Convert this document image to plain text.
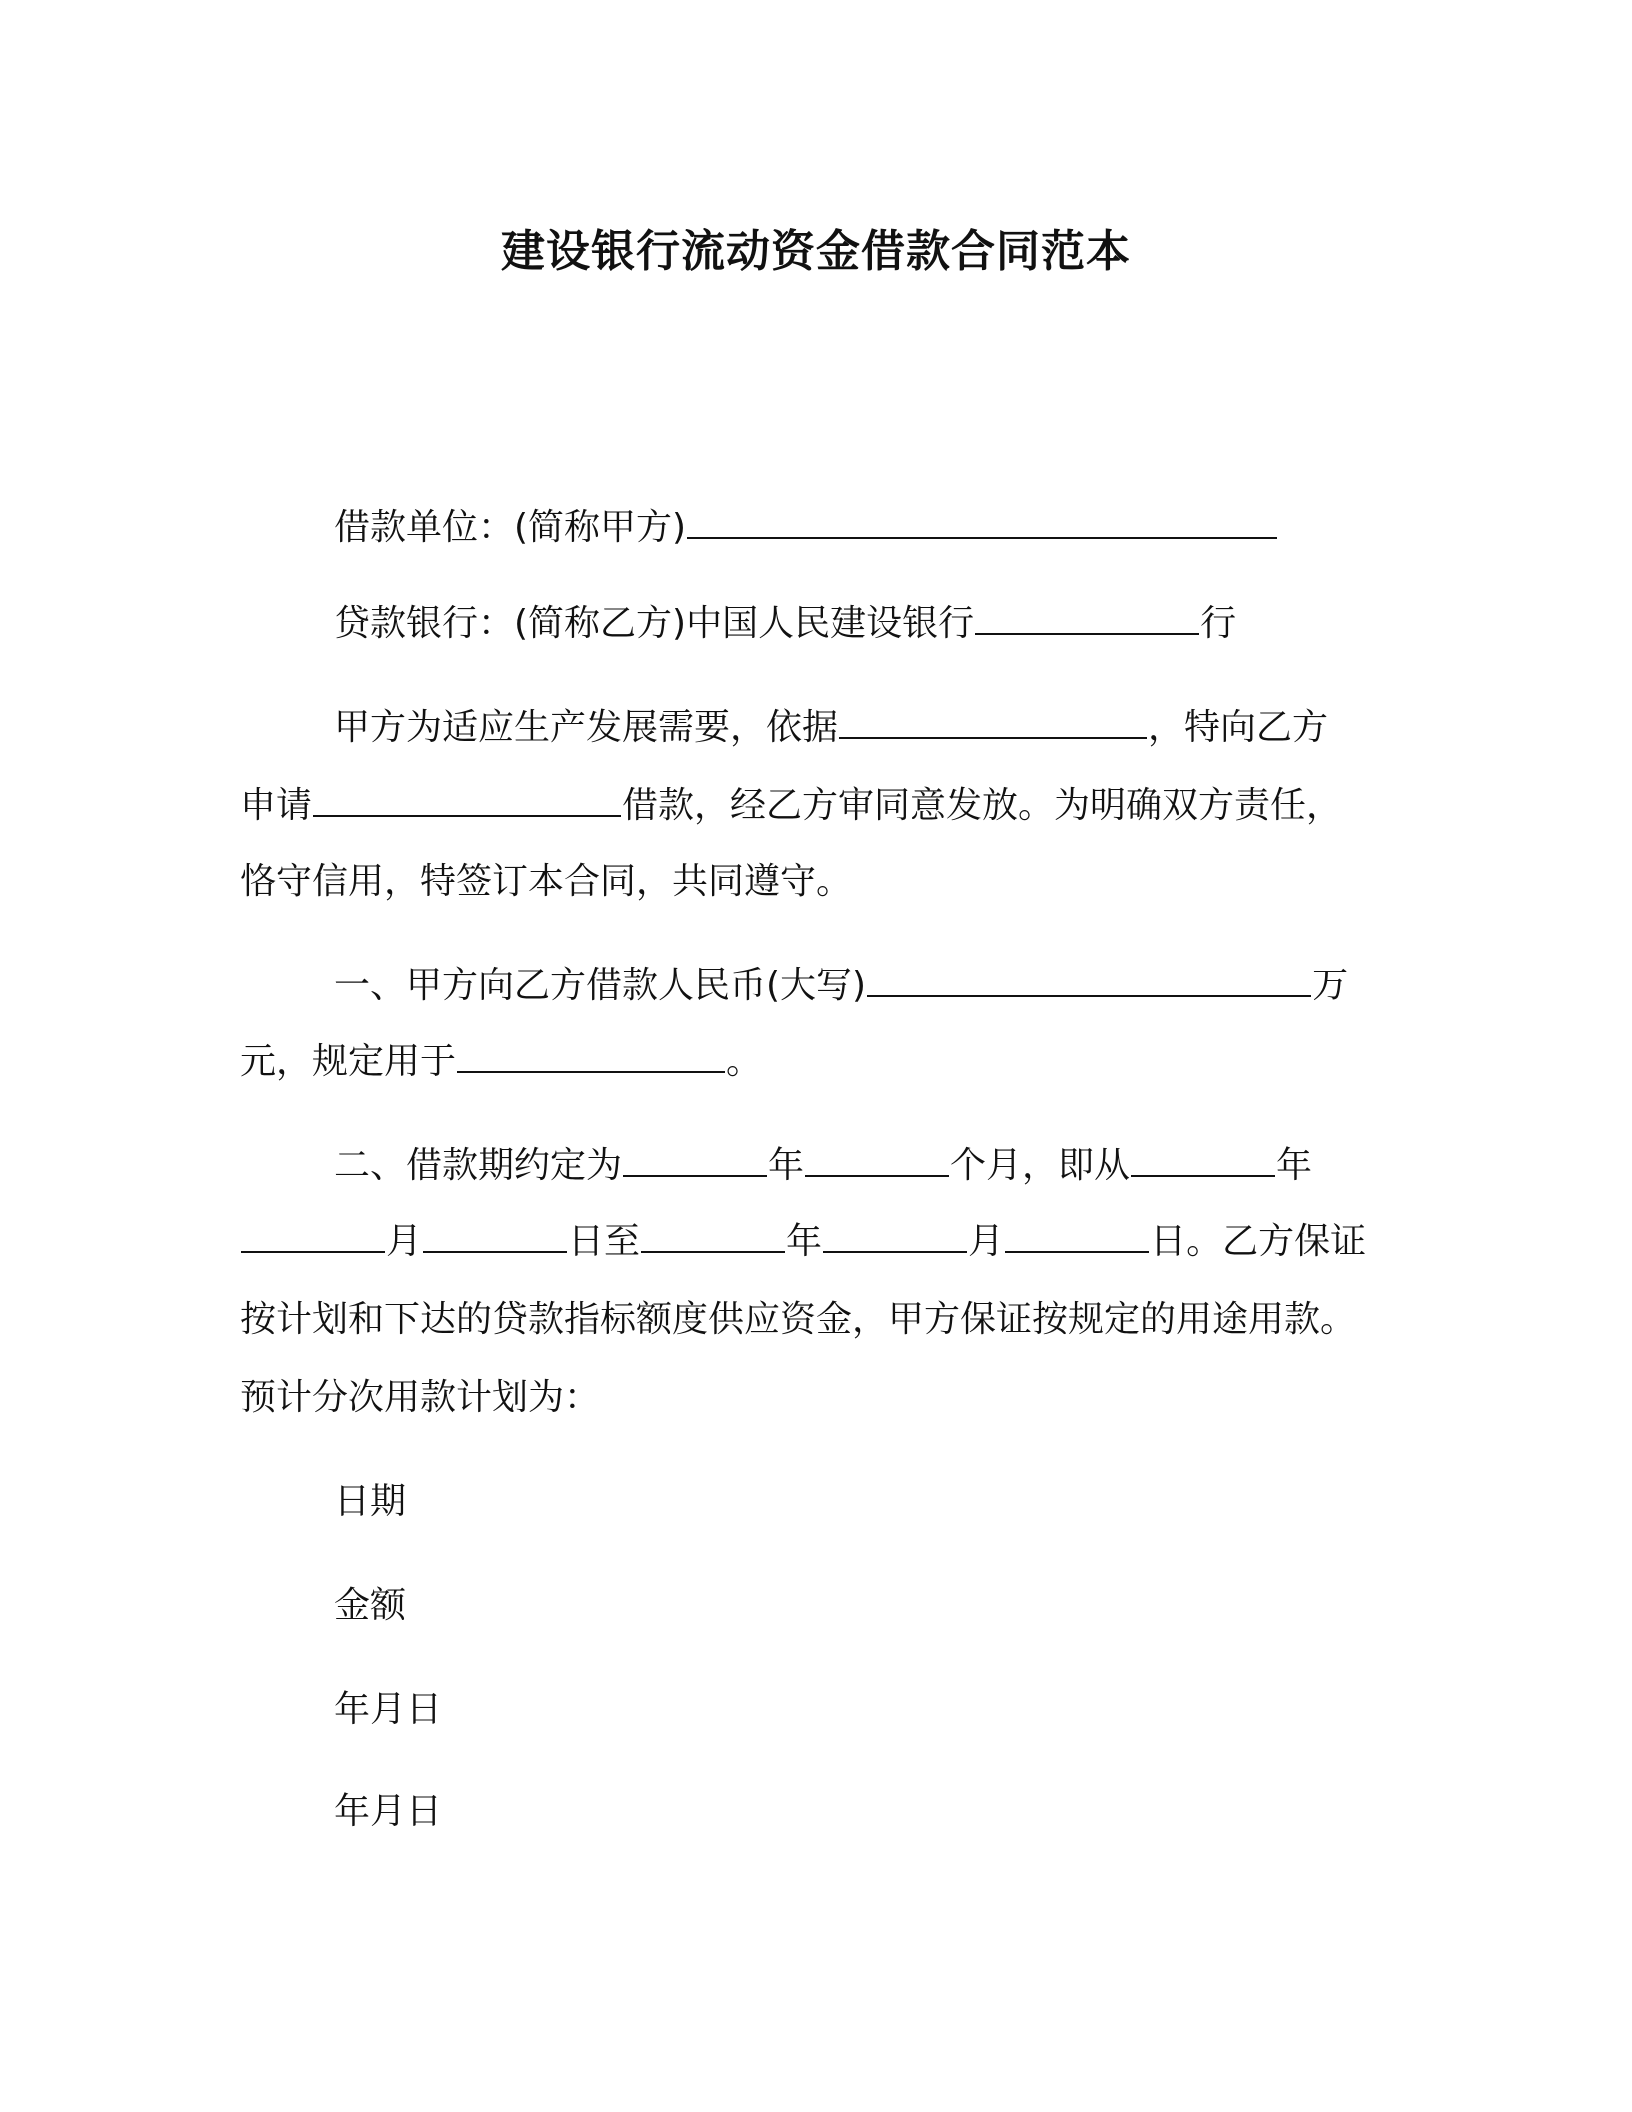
建设银行流动资金借款合同范本
借款单位：(简称甲方)
贷款银行：(简称乙方)中国人民建设银行	行
甲方为适应生产发展需要，依据	，特向乙方
申请	借款，经乙方审同意发放。为明确双方责任，
恪守信用，特签订本合同，共同遵守。
一、甲方向乙方借款人民币(大写)	万
元，规定用于	。
二、借款期约定为	年	个月，即从	年
月	日至	年	月	日。乙方保证
按计划和下达的贷款指标额度供应资金，甲方保证按规定的用途用款。
预计分次用款计划为：
日期
金额
年月日
年月日
